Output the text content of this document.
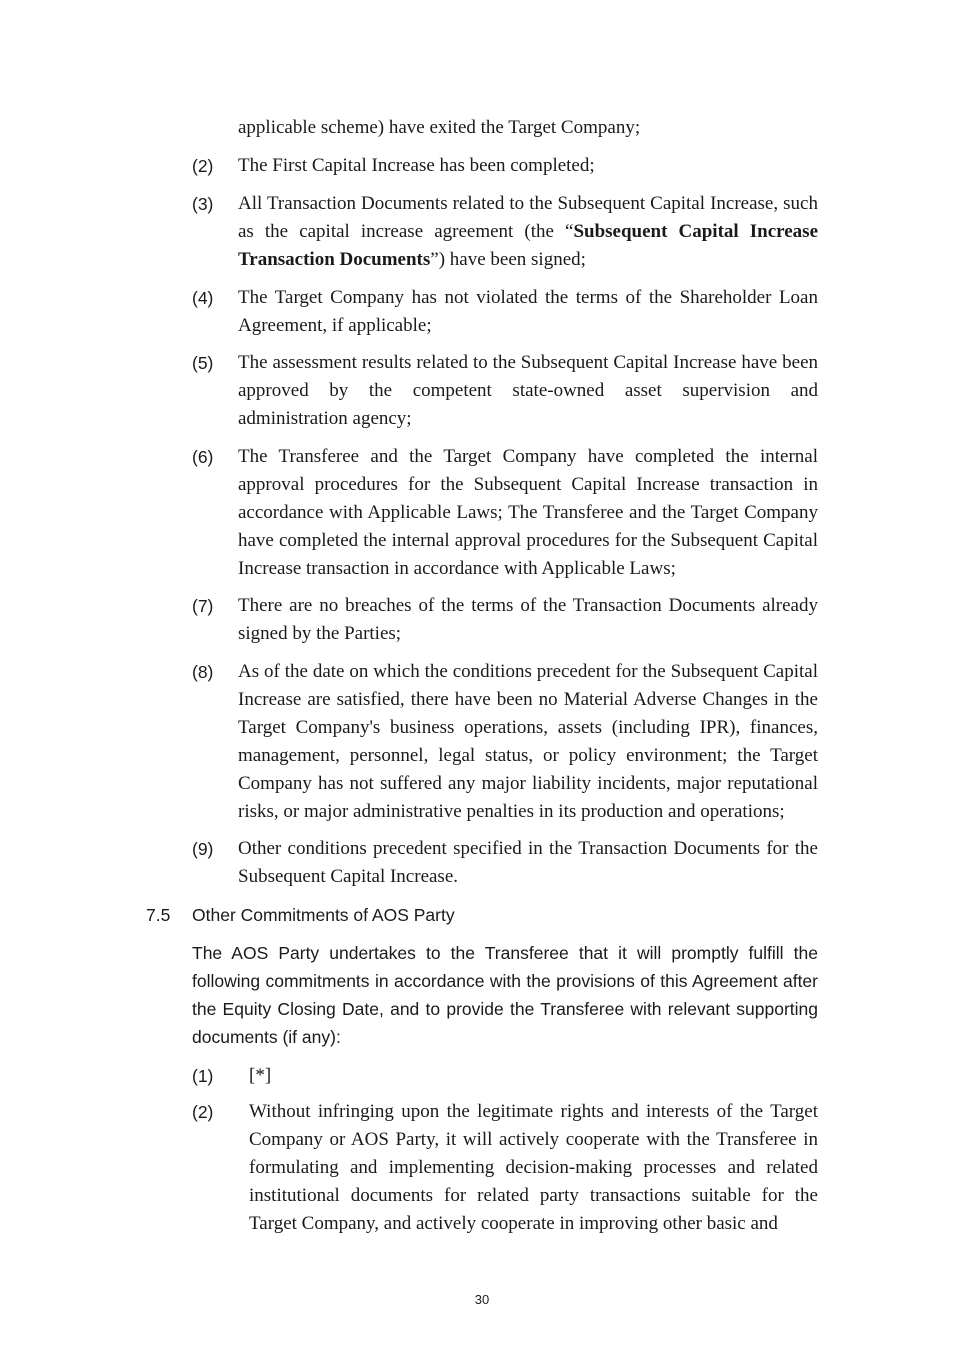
applicable scheme) have exited the Target Company;
(2) The First Capital Increase has been completed;
(3) All Transaction Documents related to the Subsequent Capital Increase, such as the capital increase agreement (the “Subsequent Capital Increase Transaction Documents”) have been signed;
(4) The Target Company has not violated the terms of the Shareholder Loan Agreement, if applicable;
(5) The assessment results related to the Subsequent Capital Increase have been approved by the competent state-owned asset supervision and administration agency;
(6) The Transferee and the Target Company have completed the internal approval procedures for the Subsequent Capital Increase transaction in accordance with Applicable Laws; The Transferee and the Target Company have completed the internal approval procedures for the Subsequent Capital Increase transaction in accordance with Applicable Laws;
(7) There are no breaches of the terms of the Transaction Documents already signed by the Parties;
(8) As of the date on which the conditions precedent for the Subsequent Capital Increase are satisfied, there have been no Material Adverse Changes in the Target Company's business operations, assets (including IPR), finances, management, personnel, legal status, or policy environment; the Target Company has not suffered any major liability incidents, major reputational risks, or major administrative penalties in its production and operations;
(9) Other conditions precedent specified in the Transaction Documents for the Subsequent Capital Increase.
7.5 Other Commitments of AOS Party
The AOS Party undertakes to the Transferee that it will promptly fulfill the following commitments in accordance with the provisions of this Agreement after the Equity Closing Date, and to provide the Transferee with relevant supporting documents (if any):
(1) [*]
(2) Without infringing upon the legitimate rights and interests of the Target Company or AOS Party, it will actively cooperate with the Transferee in formulating and implementing decision-making processes and related institutional documents for related party transactions suitable for the Target Company, and actively cooperate in improving other basic and
30
